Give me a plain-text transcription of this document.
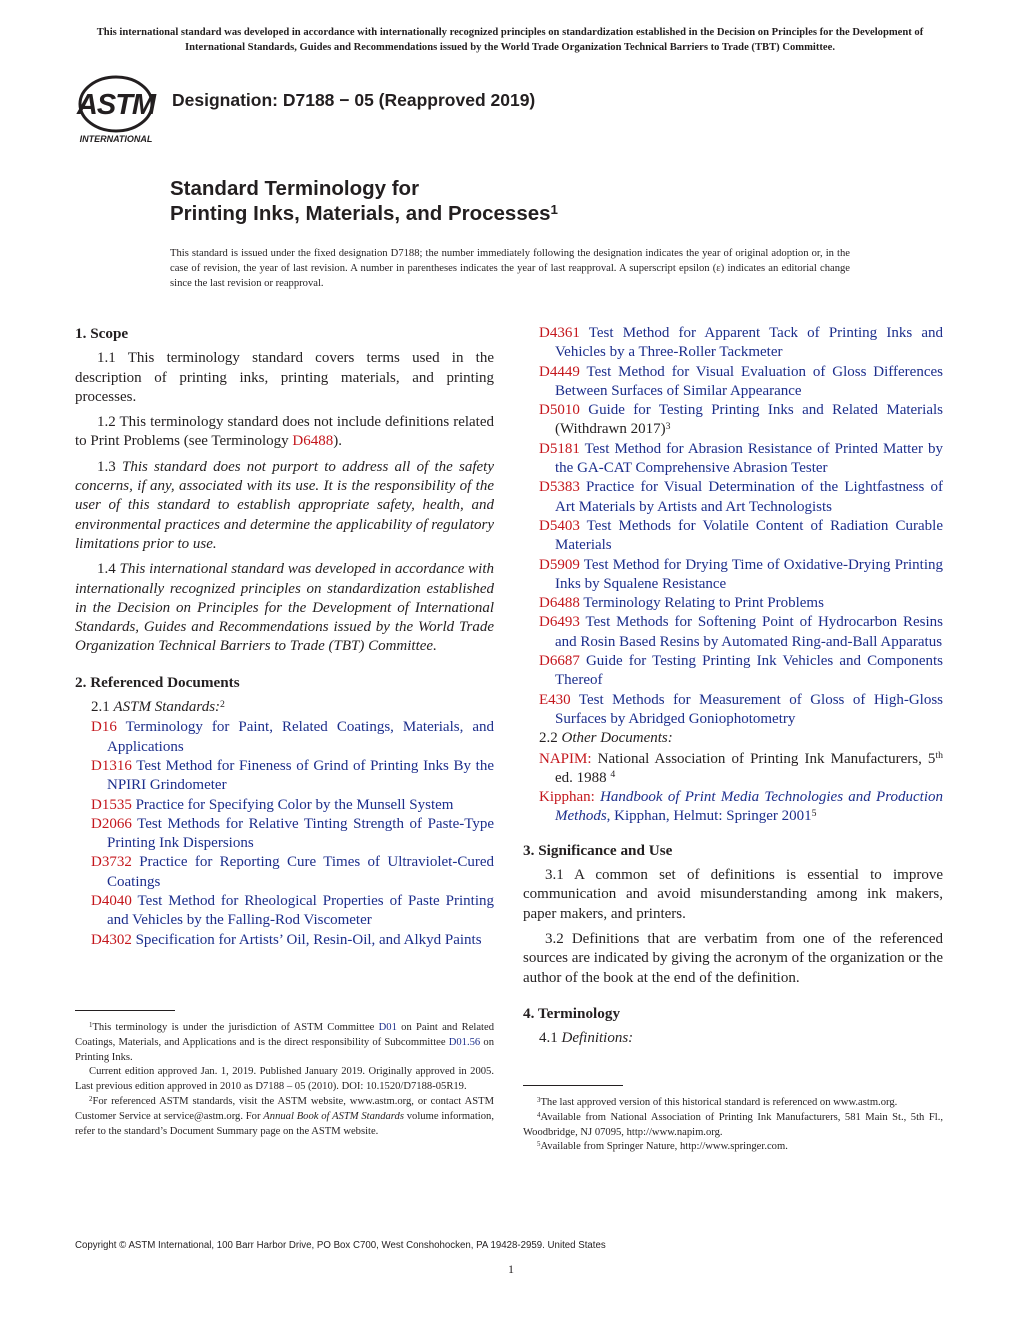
This international standard was developed in accordance with internationally recognized principles on standardization established in the Decision on Principles for the Development of International Standards, Guides and Recommendations issued by the World Trade Organization Technical Barriers to Trade (TBT) Committee.
ASTM
INTERNATIONAL
Designation: D7188 − 05 (Reapproved 2019)
Standard Terminology for
Printing Inks, Materials, and Processes$^1$
This standard is issued under the fixed designation D7188; the number immediately following the designation indicates the year of original adoption or, in the case of revision, the year of last revision. A number in parentheses indicates the year of last reapproval. A superscript epsilon (ε) indicates an editorial change since the last revision or reapproval.
1. Scope

1.1 This terminology standard covers terms used in the description of printing inks, printing materials, and printing processes.

1.2 This terminology standard does not include definitions related to Print Problems (see Terminology D6488).

1.3 This standard does not purport to address all of the safety concerns, if any, associated with its use. It is the responsibility of the user of this standard to establish appropriate safety, health, and environmental practices and determine the applicability of regulatory limitations prior to use.

1.4 This international standard was developed in accordance with internationally recognized principles on standardization established in the Decision on Principles for the Development of International Standards, Guides and Recommendations issued by the World Trade Organization Technical Barriers to Trade (TBT) Committee.

2. Referenced Documents
2.1 ASTM Standards:$^2$

D16 Terminology for Paint, Related Coatings, Materials, and Applications

D1316 Test Method for Fineness of Grind of Printing Inks By the NPIRI Grindometer

D1535 Practice for Specifying Color by the Munsell System

D2066 Test Methods for Relative Tinting Strength of Paste-Type Printing Ink Dispersions

D3732 Practice for Reporting Cure Times of Ultraviolet-Cured Coatings

D4040 Test Method for Rheological Properties of Paste Printing and Vehicles by the Falling-Rod Viscometer

D4302 Specification for Artists’ Oil, Resin-Oil, and Alkyd Paints

D4361 Test Method for Apparent Tack of Printing Inks and Vehicles by a Three-Roller Tackmeter

D4449 Test Method for Visual Evaluation of Gloss Differences Between Surfaces of Similar Appearance

D5010 Guide for Testing Printing Inks and Related Materials (Withdrawn 2017)$^3$

D5181 Test Method for Abrasion Resistance of Printed Matter by the GA-CAT Comprehensive Abrasion Tester

D5383 Practice for Visual Determination of the Lightfastness of Art Materials by Artists and Art Technologists

D5403 Test Methods for Volatile Content of Radiation Curable Materials

D5909 Test Method for Drying Time of Oxidative-Drying Printing Inks by Squalene Resistance

D6488 Terminology Relating to Print Problems

D6493 Test Methods for Softening Point of Hydrocarbon Resins and Rosin Based Resins by Automated Ring-and-Ball Apparatus

D6687 Guide for Testing Printing Ink Vehicles and Components Thereof

E430 Test Methods for Measurement of Gloss of High-Gloss Surfaces by Abridged Goniophotometry

2.2 Other Documents:

NAPIM: National Association of Printing Ink Manufacturers, 5th ed. 1988 $^4$

Kipphan: Handbook of Print Media Technologies and Production Methods, Kipphan, Helmut: Springer 2001$^5$

3. Significance and Use

3.1 A common set of definitions is essential to improve communication and avoid misunderstanding among ink makers, paper makers, and printers.

3.2 Definitions that are verbatim from one of the referenced sources are indicated by giving the acronym of the organization or the author of the book at the end of the definition.

4. Terminology
4.1 Definitions:

$^1$This terminology is under the jurisdiction of ASTM Committee D01 on Paint and Related Coatings, Materials, and Applications and is the direct responsibility of Subcommittee D01.56 on Printing Inks.

Current edition approved Jan. 1, 2019. Published January 2019. Originally approved in 2005. Last previous edition approved in 2010 as D7188 – 05 (2010). DOI: 10.1520/D7188-05R19.

$^2$For referenced ASTM standards, visit the ASTM website, www.astm.org, or contact ASTM Customer Service at service@astm.org. For Annual Book of ASTM Standards volume information, refer to the standard’s Document Summary page on the ASTM website.

$^3$The last approved version of this historical standard is referenced on www.astm.org.

$^4$Available from National Association of Printing Ink Manufacturers, 581 Main St., 5th Fl., Woodbridge, NJ 07095, http://www.napim.org.

$^5$Available from Springer Nature, http://www.springer.com.

Copyright © ASTM International, 100 Barr Harbor Drive, PO Box C700, West Conshohocken, PA 19428-2959. United States
1
